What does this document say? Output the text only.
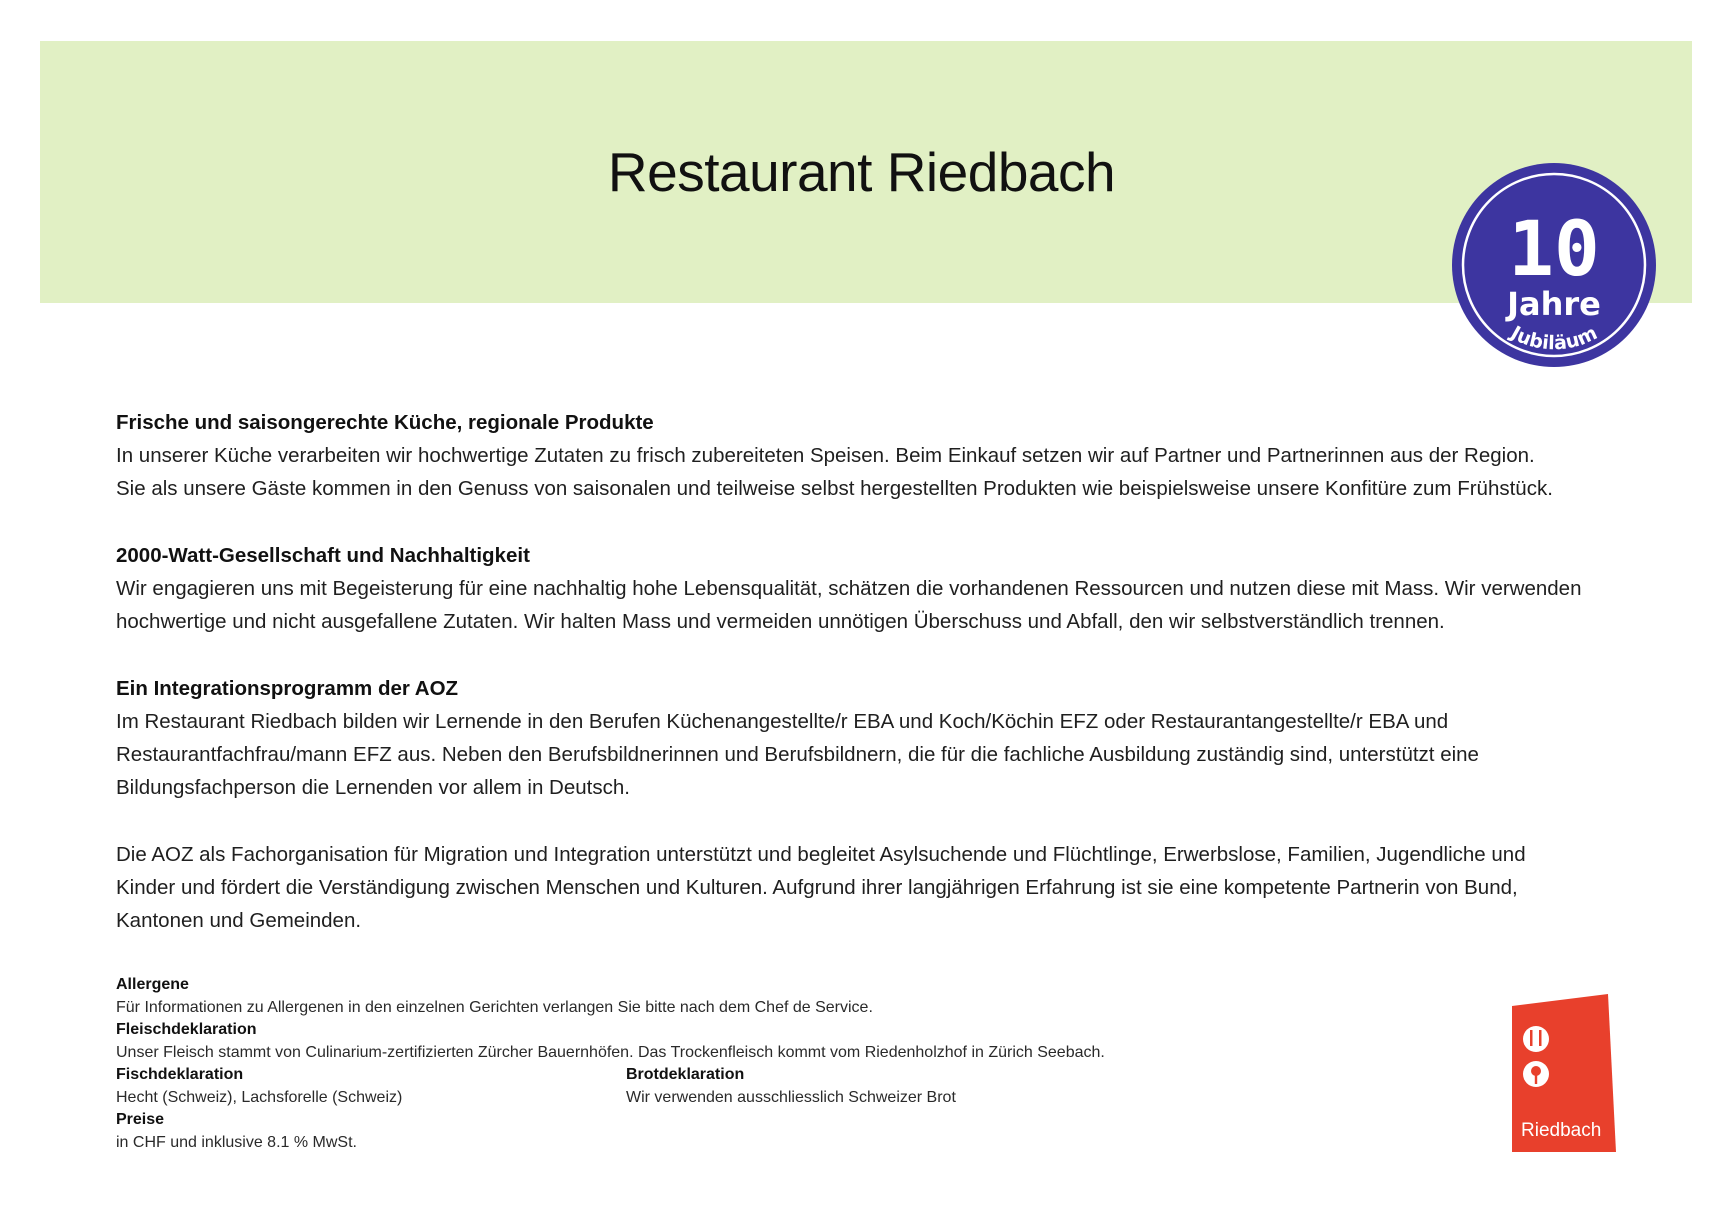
Restaurant Riedbach
10
Jahre
Jubiläum

Frische und saisongerechte Küche, regionale Produkte

In unserer Küche verarbeiten wir hochwertige Zutaten zu frisch zubereiteten Speisen. Beim Einkauf setzen wir auf Partner und Partnerinnen aus der Region.

Sie als unsere Gäste kommen in den Genuss von saisonalen und teilweise selbst hergestellten Produkten wie beispielsweise unsere Konfitüre zum Frühstück.

2000-Watt-Gesellschaft und Nachhaltigkeit

Wir engagieren uns mit Begeisterung für eine nachhaltig hohe Lebensqualität, schätzen die vorhandenen Ressourcen und nutzen diese mit Mass. Wir verwenden

hochwertige und nicht ausgefallene Zutaten. Wir halten Mass und vermeiden unnötigen Überschuss und Abfall, den wir selbstverständlich trennen.

Ein Integrationsprogramm der AOZ

Im Restaurant Riedbach bilden wir Lernende in den Berufen Küchenangestellte/r EBA und Koch/Köchin EFZ oder Restaurantangestellte/r EBA und

Restaurantfachfrau/mann EFZ aus. Neben den Berufsbildnerinnen und Berufsbildnern, die für die fachliche Ausbildung zuständig sind, unterstützt eine

Bildungsfachperson die Lernenden vor allem in Deutsch.

Die AOZ als Fachorganisation für Migration und Integration unterstützt und begleitet Asylsuchende und Flüchtlinge, Erwerbslose, Familien, Jugendliche und

Kinder und fördert die Verständigung zwischen Menschen und Kulturen. Aufgrund ihrer langjährigen Erfahrung ist sie eine kompetente Partnerin von Bund,

Kantonen und Gemeinden.

Allergene
Für Informationen zu Allergenen in den einzelnen Gerichten verlangen Sie bitte nach dem Chef de Service.
Fleischdeklaration
Unser Fleisch stammt von Culinarium-zertifizierten Zürcher Bauernhöfen. Das Trockenfleisch kommt vom Riedenholzhof in Zürich Seebach.
Fischdeklaration
Hecht (Schweiz), Lachsforelle (Schweiz)
Brotdeklaration
Wir verwenden ausschliesslich Schweizer Brot
Preise
in CHF und inklusive 8.1 % MwSt.
Riedbach
